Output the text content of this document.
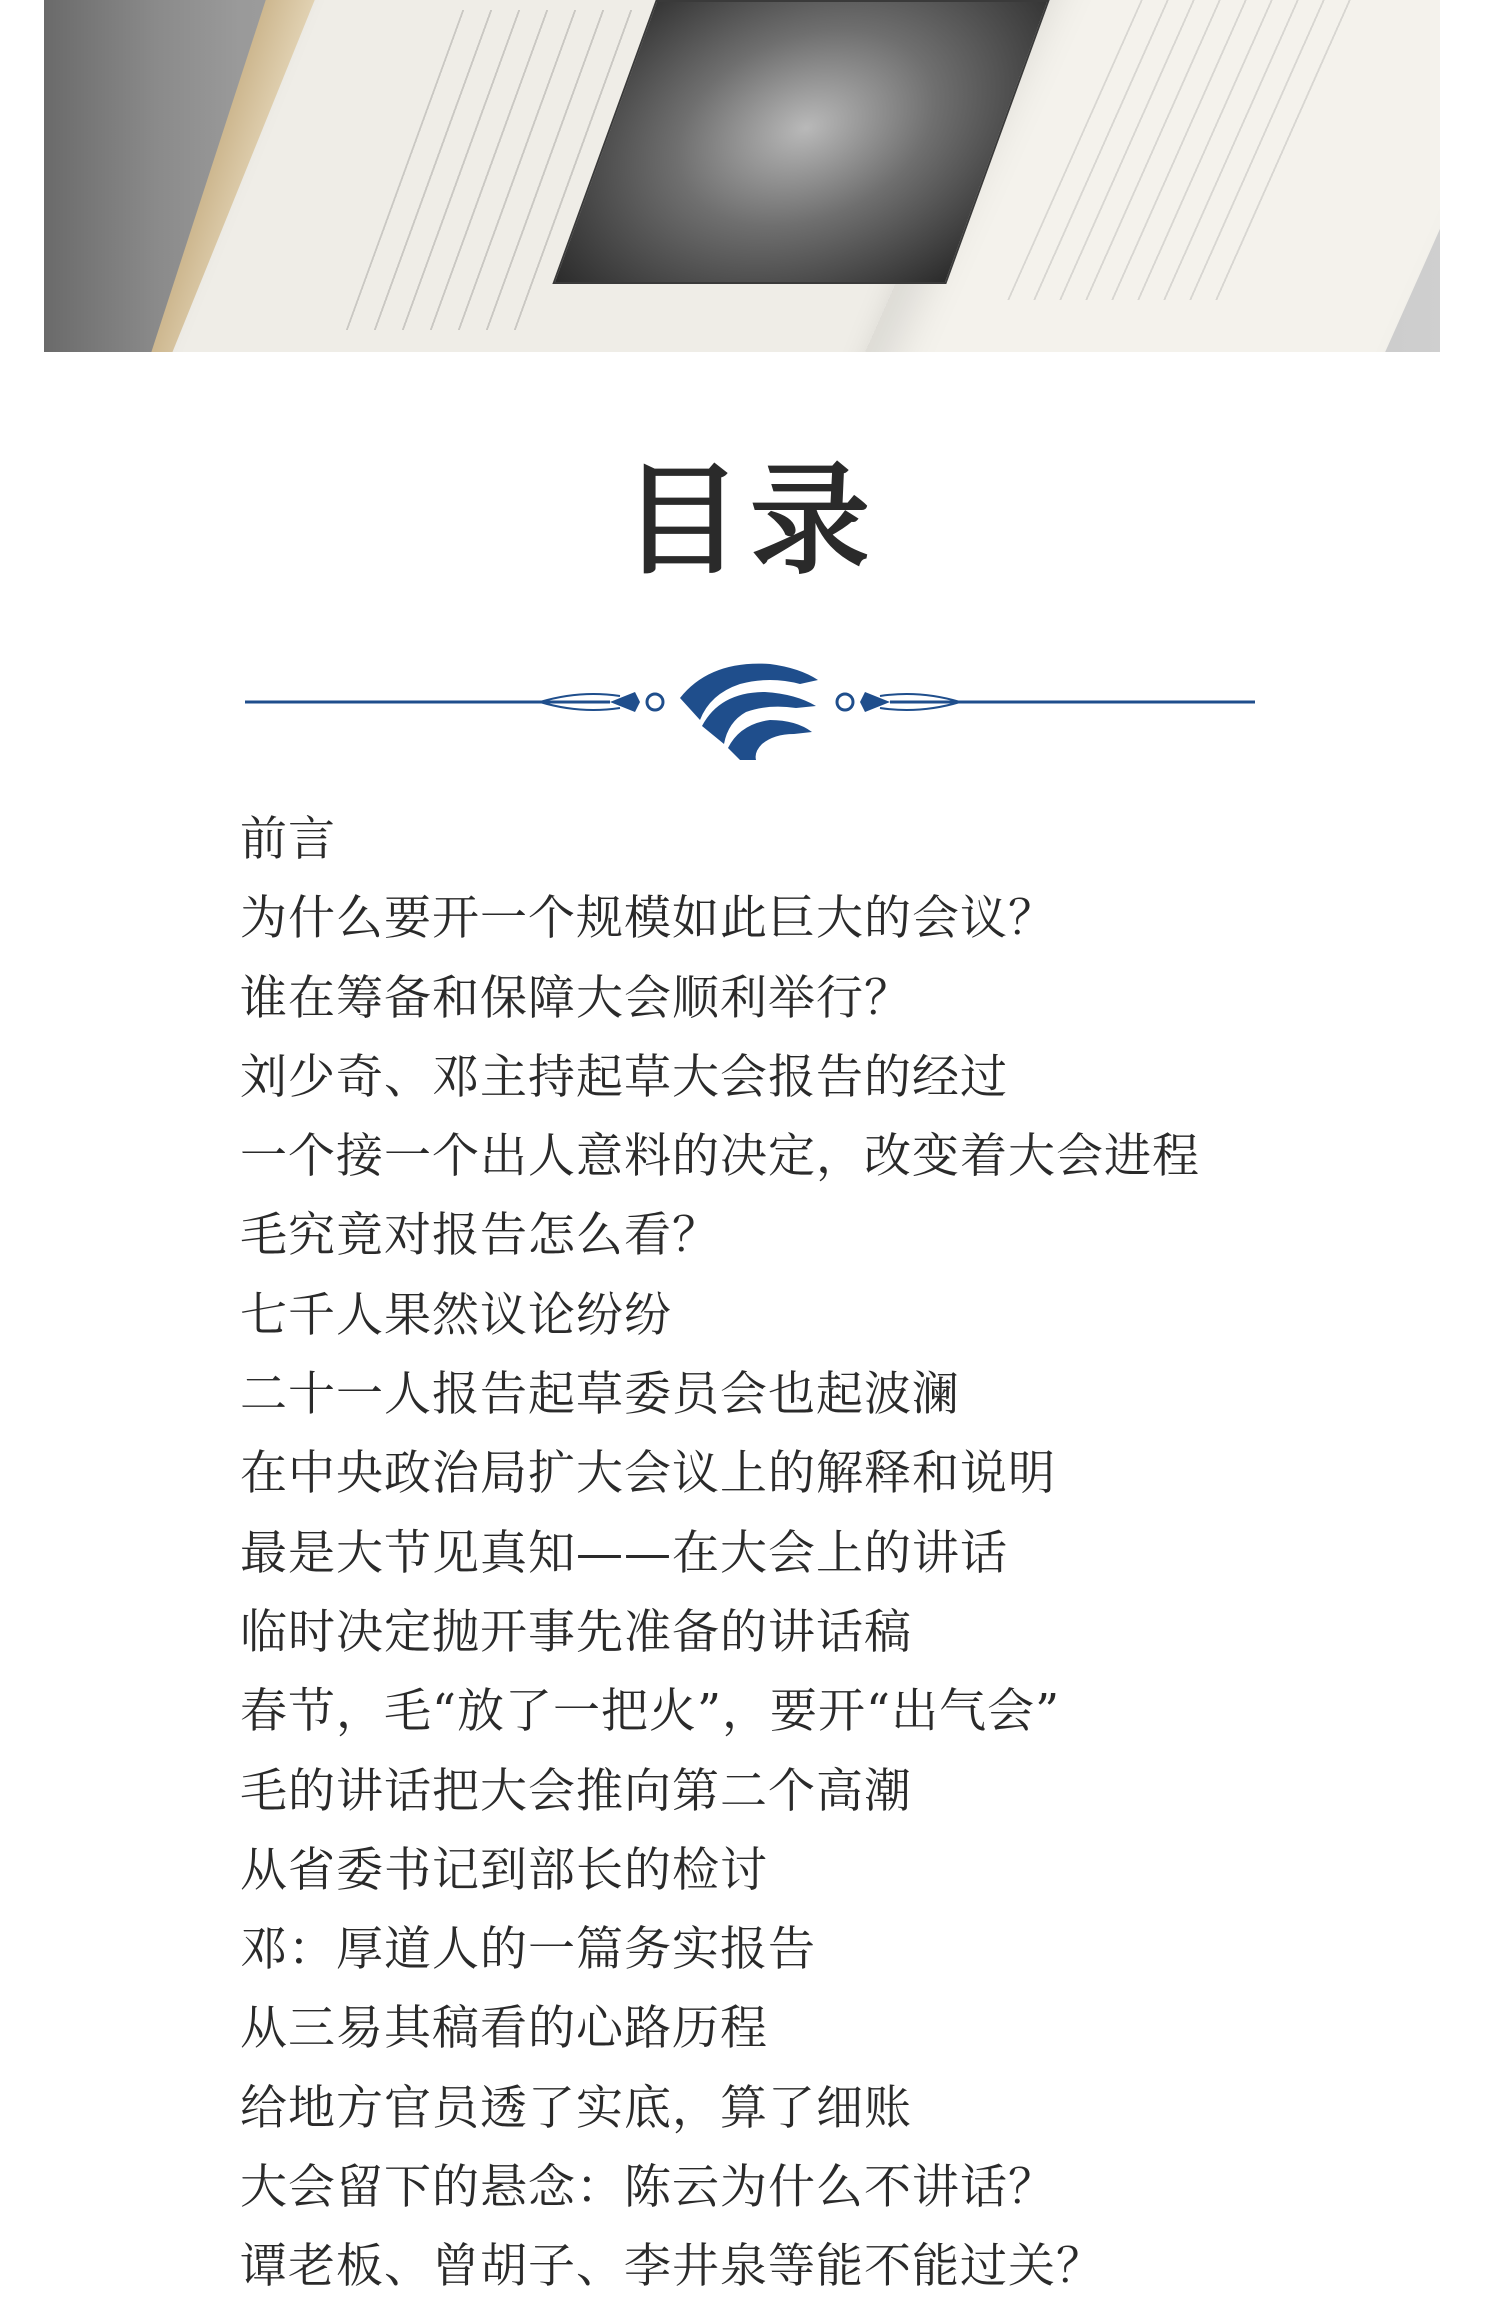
目录
前言
为什么要开一个规模如此巨大的会议？
谁在筹备和保障大会顺利举行？
刘少奇、邓主持起草大会报告的经过
一个接一个出人意料的决定，改变着大会进程
毛究竟对报告怎么看？
七千人果然议论纷纷
二十一人报告起草委员会也起波澜
在中央政治局扩大会议上的解释和说明
最是大节见真知——在大会上的讲话
临时决定抛开事先准备的讲话稿
春节，毛“放了一把火”，要开“出气会”
毛的讲话把大会推向第二个高潮
从省委书记到部长的检讨
邓：厚道人的一篇务实报告
从三易其稿看的心路历程
给地方官员透了实底，算了细账
大会留下的悬念：陈云为什么不讲话？
谭老板、曾胡子、李井泉等能不能过关？
